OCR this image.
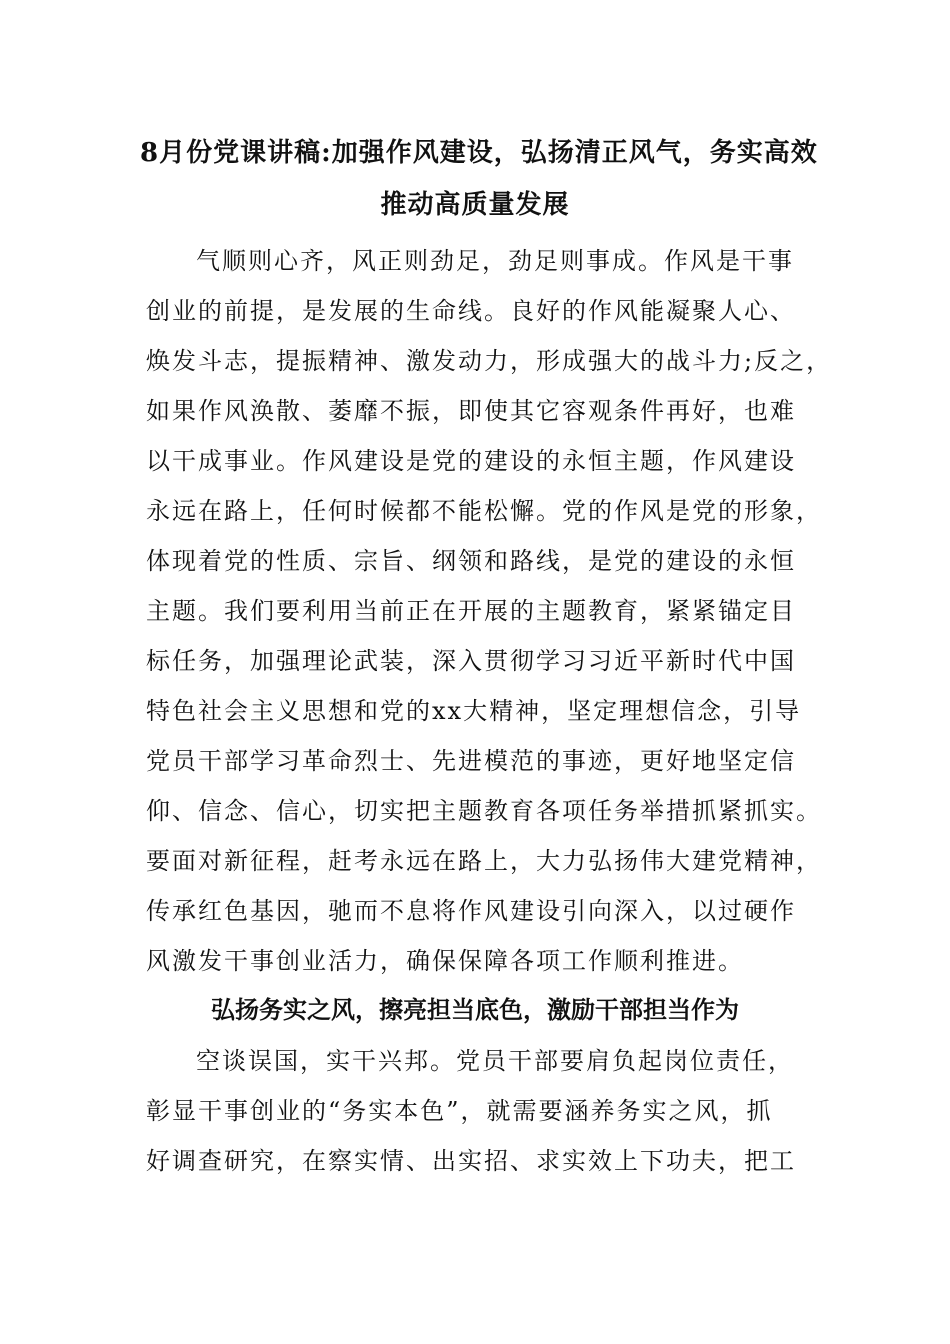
8月份党课讲稿:加强作风建设，弘扬清正风气，务实高效
推动高质量发展
气顺则心齐，风正则劲足，劲足则事成。作风是干事
创业的前提，是发展的生命线。良好的作风能凝聚人心、
焕发斗志，提振精神、激发动力，形成强大的战斗力;反之，
如果作风涣散、萎靡不振，即使其它容观条件再好，也难
以干成事业。作风建设是党的建设的永恒主题，作风建设
永远在路上，任何时候都不能松懈。党的作风是党的形象，
体现着党的性质、宗旨、纲领和路线，是党的建设的永恒
主题。我们要利用当前正在开展的主题教育，紧紧锚定目
标任务，加强理论武装，深入贯彻学习习近平新时代中国
特色社会主义思想和党的xx大精神，坚定理想信念，引导
党员干部学习革命烈士、先进模范的事迹，更好地坚定信
仰、信念、信心，切实把主题教育各项任务举措抓紧抓实。
要面对新征程，赶考永远在路上，大力弘扬伟大建党精神，
传承红色基因，驰而不息将作风建设引向深入，以过硬作
风激发干事创业活力，确保保障各项工作顺利推进。
弘扬务实之风，擦亮担当底色，激励干部担当作为
空谈误国，实干兴邦。党员干部要肩负起岗位责任，
彰显干事创业的“务实本色”，就需要涵养务实之风，抓
好调查研究，在察实情、出实招、求实效上下功夫，把工
